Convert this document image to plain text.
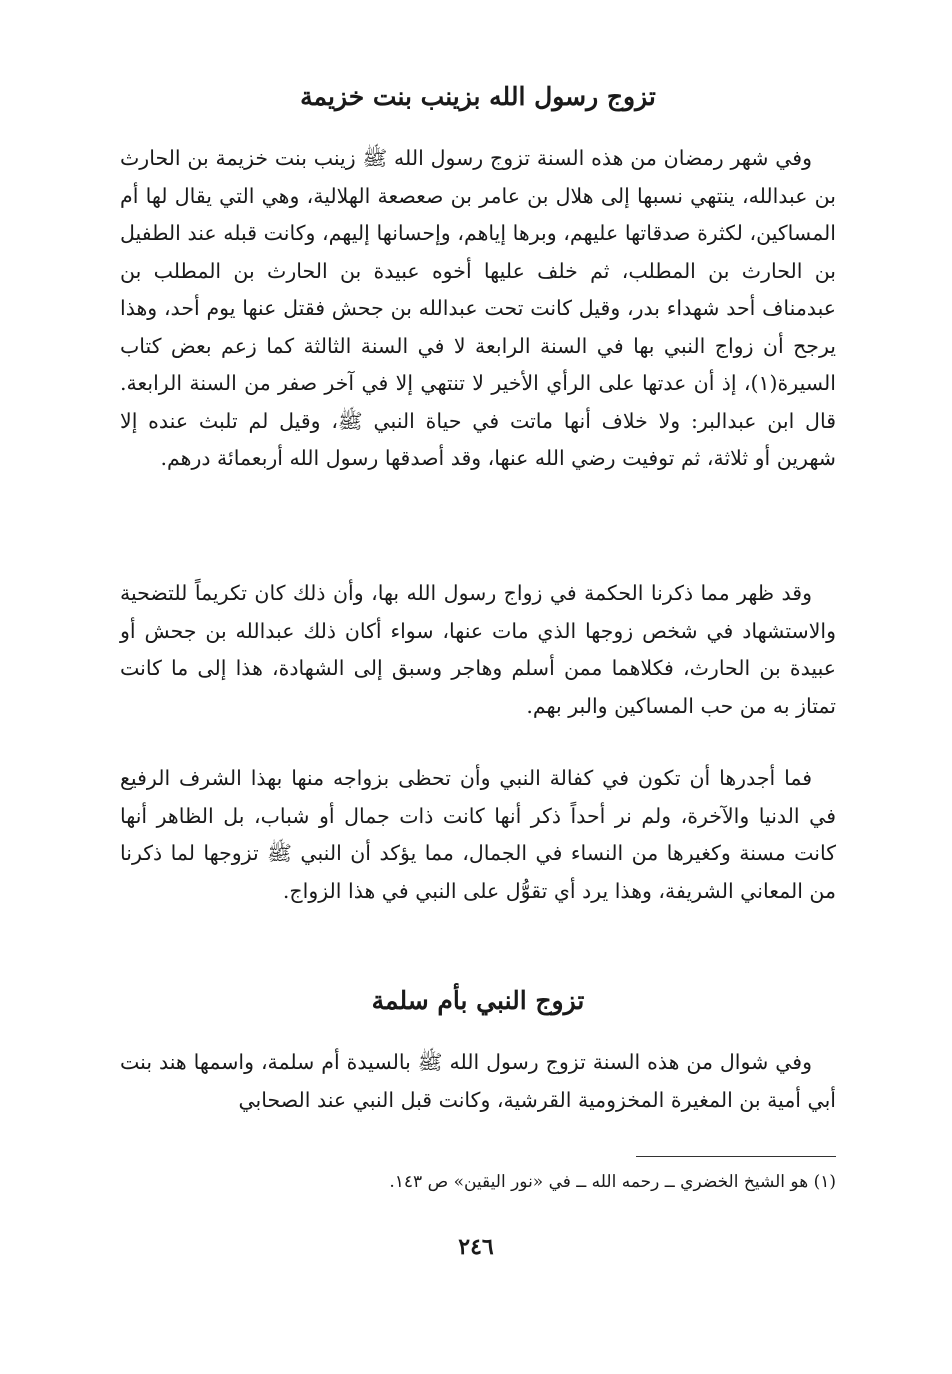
تزوج رسول الله بزينب بنت خزيمة

وفي شهر رمضان من هذه السنة تزوج رسول الله ﷺ زينب بنت خزيمة بن الحارث بن عبدالله، ينتهي نسبها إلى هلال بن عامر بن صعصعة الهلالية، وهي التي يقال لها أم المساكين، لكثرة صدقاتها عليهم، وبرها إياهم، وإحسانها إليهم، وكانت قبله عند الطفيل بن الحارث بن المطلب، ثم خلف عليها أخوه عبيدة بن الحارث بن المطلب بن عبدمناف أحد شهداء بدر، وقيل كانت تحت عبدالله بن جحش فقتل عنها يوم أحد، وهذا يرجح أن زواج النبي بها في السنة الرابعة لا في السنة الثالثة كما زعم بعض كتاب السيرة(١)، إذ أن عدتها على الرأي الأخير لا تنتهي إلا في آخر صفر من السنة الرابعة. قال ابن عبدالبر: ولا خلاف أنها ماتت في حياة النبي ﷺ، وقيل لم تلبث عنده إلا شهرين أو ثلاثة، ثم توفيت رضي الله عنها، وقد أصدقها رسول الله أربعمائة درهم.

وقد ظهر مما ذكرنا الحكمة في زواج رسول الله بها، وأن ذلك كان تكريماً للتضحية والاستشهاد في شخص زوجها الذي مات عنها، سواء أكان ذلك عبدالله بن جحش أو عبيدة بن الحارث، فكلاهما ممن أسلم وهاجر وسبق إلى الشهادة، هذا إلى ما كانت تمتاز به من حب المساكين والبر بهم.

فما أجدرها أن تكون في كفالة النبي وأن تحظى بزواجه منها بهذا الشرف الرفيع في الدنيا والآخرة، ولم نر أحداً ذكر أنها كانت ذات جمال أو شباب، بل الظاهر أنها كانت مسنة وكغيرها من النساء في الجمال، مما يؤكد أن النبي ﷺ تزوجها لما ذكرنا من المعاني الشريفة، وهذا يرد أي تقوُّل على النبي في هذا الزواج.

تزوج النبي بأم سلمة

وفي شوال من هذه السنة تزوج رسول الله ﷺ بالسيدة أم سلمة، واسمها هند بنت أبي أمية بن المغيرة المخزومية القرشية، وكانت قبل النبي عند الصحابي

(١) هو الشيخ الخضري ــ رحمه الله ــ في «نور اليقين» ص ١٤٣.
٢٤٦
